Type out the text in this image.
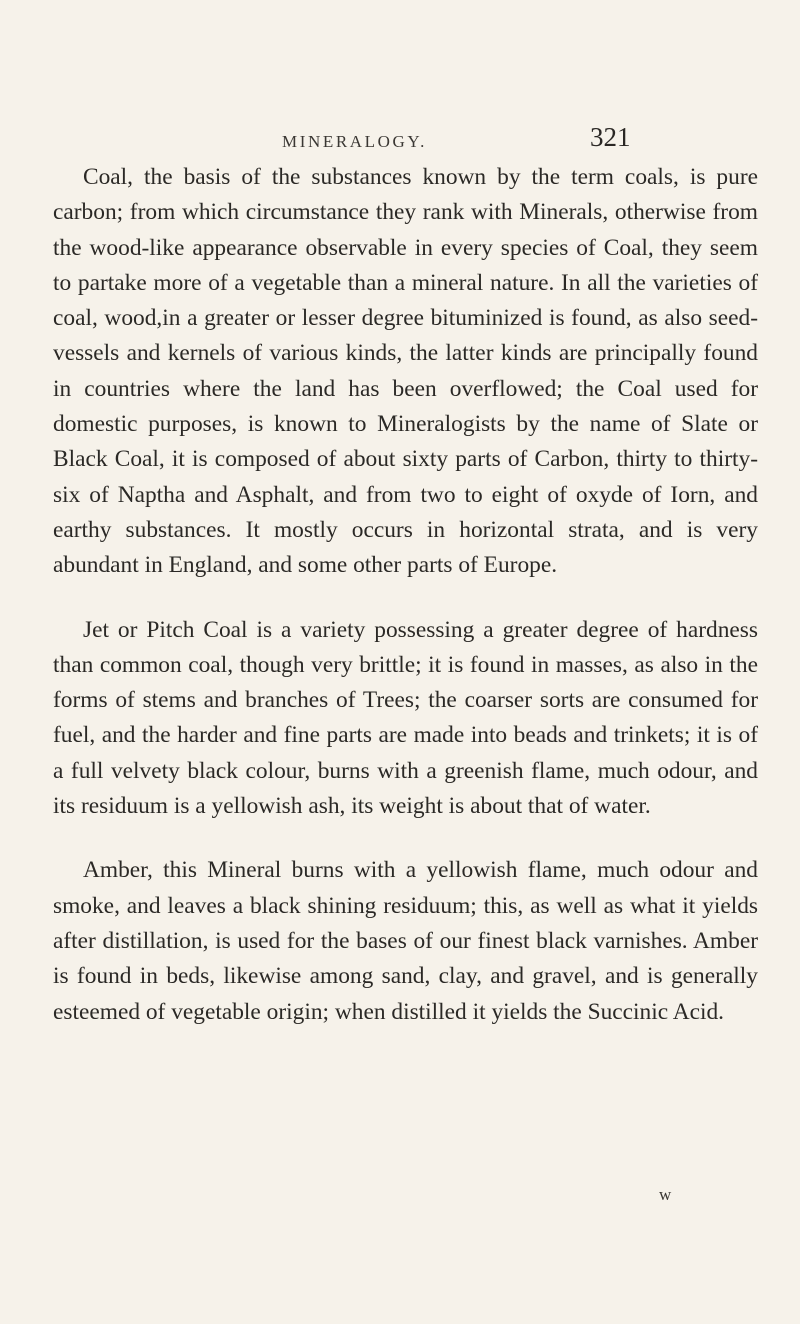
MINERALOGY.	321

Coal, the basis of the substances known by the term coals, is pure carbon; from which circumstance they rank with Minerals, otherwise from the wood-like appearance observable in every species of Coal, they seem to partake more of a vegetable than a mineral nature. In all the varieties of coal, wood,in a greater or lesser degree bituminized is found, as also seed-vessels and kernels of various kinds, the latter kinds are principally found in countries where the land has been overflowed; the Coal used for domestic purposes, is known to Mineralogists by the name of Slate or Black Coal, it is composed of about sixty parts of Carbon, thirty to thirty-six of Naptha and Asphalt, and from two to eight of oxyde of Iorn, and earthy substances. It mostly occurs in horizontal strata, and is very abundant in England, and some other parts of Europe.

Jet or Pitch Coal is a variety possessing a greater degree of hardness than common coal, though very brittle; it is found in masses, as also in the forms of stems and branches of Trees; the coarser sorts are consumed for fuel, and the harder and fine parts are made into beads and trinkets; it is of a full velvety black colour, burns with a greenish flame, much odour, and its residuum is a yellowish ash, its weight is about that of water.

Amber, this Mineral burns with a yellowish flame, much odour and smoke, and leaves a black shining residuum; this, as well as what it yields after distillation, is used for the bases of our finest black varnishes. Amber is found in beds, likewise among sand, clay, and gravel, and is generally esteemed of vegetable origin; when distilled it yields the Succinic Acid.

w
